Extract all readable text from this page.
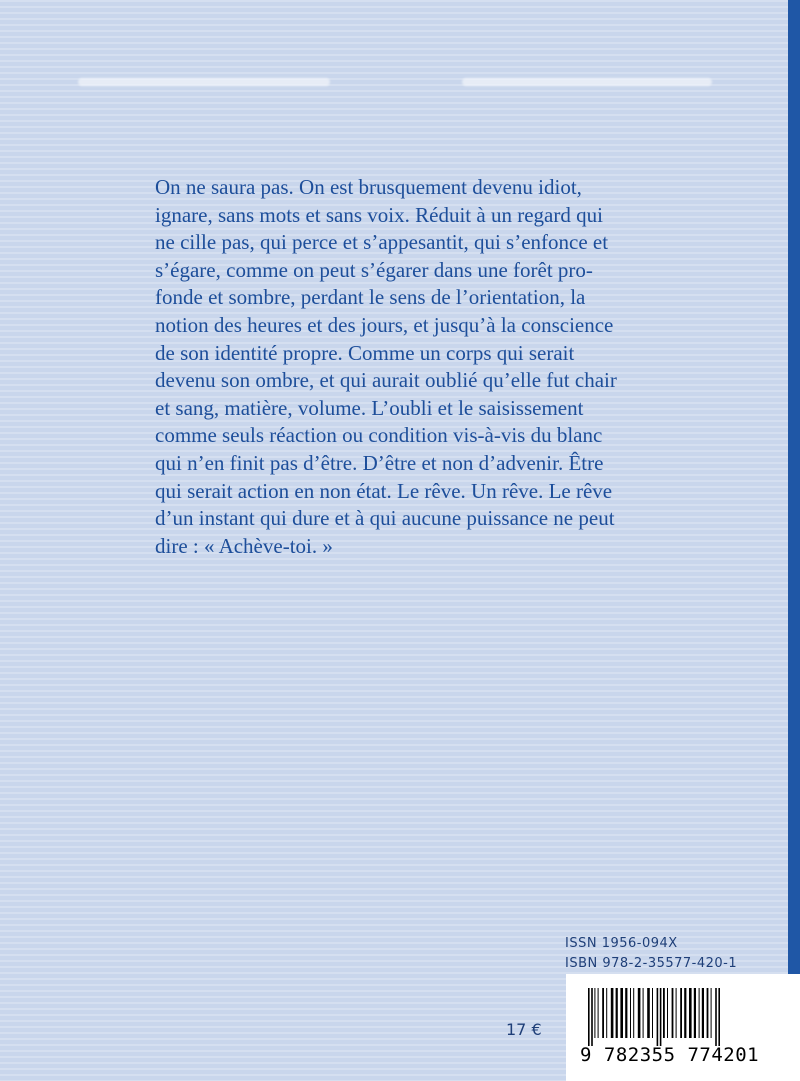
On ne saura pas. On est brusquement devenu idiot,
ignare, sans mots et sans voix. Réduit à un regard qui
ne cille pas, qui perce et s’appesantit, qui s’enfonce et
s’égare, comme on peut s’égarer dans une forêt pro-
fonde et sombre, perdant le sens de l’orientation, la
notion des heures et des jours, et jusqu’à la conscience
de son identité propre. Comme un corps qui serait
devenu son ombre, et qui aurait oublié qu’elle fut chair
et sang, matière, volume. L’oubli et le saisissement
comme seuls réaction ou condition vis-à-vis du blanc
qui n’en finit pas d’être. D’être et non d’advenir. Être
qui serait action en non état. Le rêve. Un rêve. Le rêve
d’un instant qui dure et à qui aucune puissance ne peut
dire : « Achève-toi. »

ISSN 1956-094X
ISBN 978-2-35577-420-1
17 €
9 782355 774201
